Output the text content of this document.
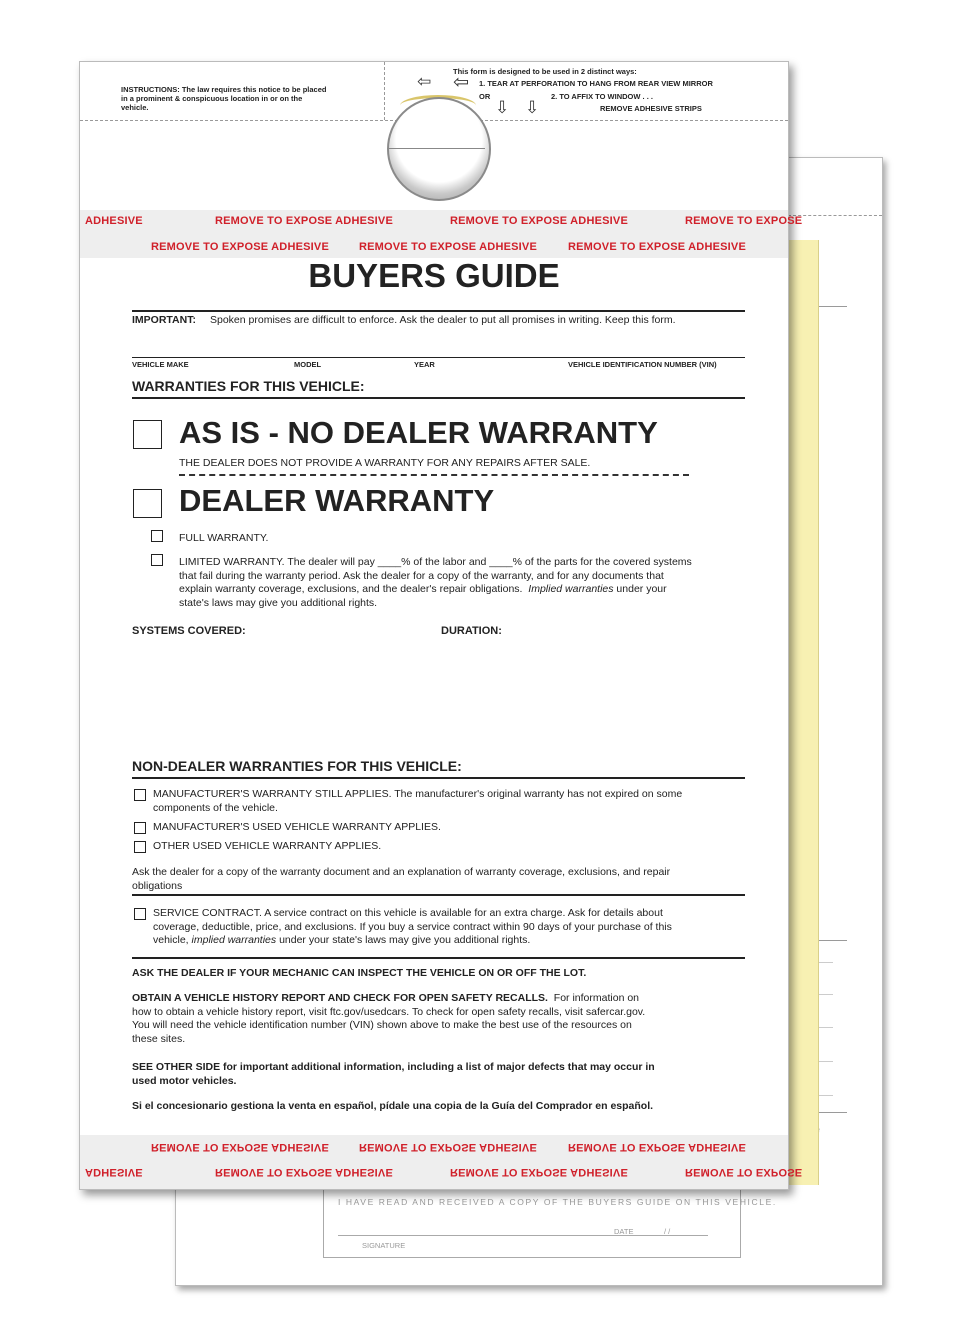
I HAVE READ AND RECEIVED A COPY OF THE BUYERS GUIDE ON THIS VEHICLE.
DATE	/ /
SIGNATURE
INSTRUCTIONS: The law requires this notice to be placed in a prominent & conspicuous location in or on the vehicle.
This form is designed to be used in 2 distinct ways:
⇦ ⇦ 1. TEAR AT PERFORATION TO HANG FROM REAR VIEW MIRROR
OR	2. TO AFFIX TO WINDOW . . .
REMOVE ADHESIVE STRIPS
⇩ ⇩
ADHESIVE	REMOVE TO EXPOSE ADHESIVE	REMOVE TO EXPOSE ADHESIVE	REMOVE TO EXPOSE
REMOVE TO EXPOSE ADHESIVE	REMOVE TO EXPOSE ADHESIVE	REMOVE TO EXPOSE ADHESIVE
BUYERS GUIDE
IMPORTANT: Spoken promises are difficult to enforce. Ask the dealer to put all promises in writing. Keep this form.
VEHICLE MAKE	MODEL	YEAR	VEHICLE IDENTIFICATION NUMBER (VIN)
WARRANTIES FOR THIS VEHICLE:
AS IS - NO DEALER WARRANTY
THE DEALER DOES NOT PROVIDE A WARRANTY FOR ANY REPAIRS AFTER SALE.
DEALER WARRANTY
FULL WARRANTY.
LIMITED WARRANTY. The dealer will pay ____% of the labor and ____% of the parts for the covered systems
that fail during the warranty period. Ask the dealer for a copy of the warranty, and for any documents that
explain warranty coverage, exclusions, and the dealer's repair obligations. Implied warranties under your
state's laws may give you additional rights.
SYSTEMS COVERED:	DURATION:
NON-DEALER WARRANTIES FOR THIS VEHICLE:
MANUFACTURER'S WARRANTY STILL APPLIES. The manufacturer's original warranty has not expired on some
components of the vehicle.
MANUFACTURER'S USED VEHICLE WARRANTY APPLIES.
OTHER USED VEHICLE WARRANTY APPLIES.
Ask the dealer for a copy of the warranty document and an explanation of warranty coverage, exclusions, and repair
obligations
SERVICE CONTRACT. A service contract on this vehicle is available for an extra charge. Ask for details about
coverage, deductible, price, and exclusions. If you buy a service contract within 90 days of your purchase of this
vehicle, implied warranties under your state's laws may give you additional rights.
ASK THE DEALER IF YOUR MECHANIC CAN INSPECT THE VEHICLE ON OR OFF THE LOT.
OBTAIN A VEHICLE HISTORY REPORT AND CHECK FOR OPEN SAFETY RECALLS. For information on
how to obtain a vehicle history report, visit ftc.gov/usedcars. To check for open safety recalls, visit safercar.gov.
You will need the vehicle identification number (VIN) shown above to make the best use of the resources on
these sites.
SEE OTHER SIDE for important additional information, including a list of major defects that may occur in
used motor vehicles.
Si el concesionario gestiona la venta en español, pídale una copia de la Guía del Comprador en español.
REMOVE TO EXPOSE ADHESIVE	REMOVE TO EXPOSE ADHESIVE	REMOVE TO EXPOSE ADHESIVE
ADHESIVE	REMOVE TO EXPOSE ADHESIVE	REMOVE TO EXPOSE ADHESIVE	REMOVE TO EXPOSE
